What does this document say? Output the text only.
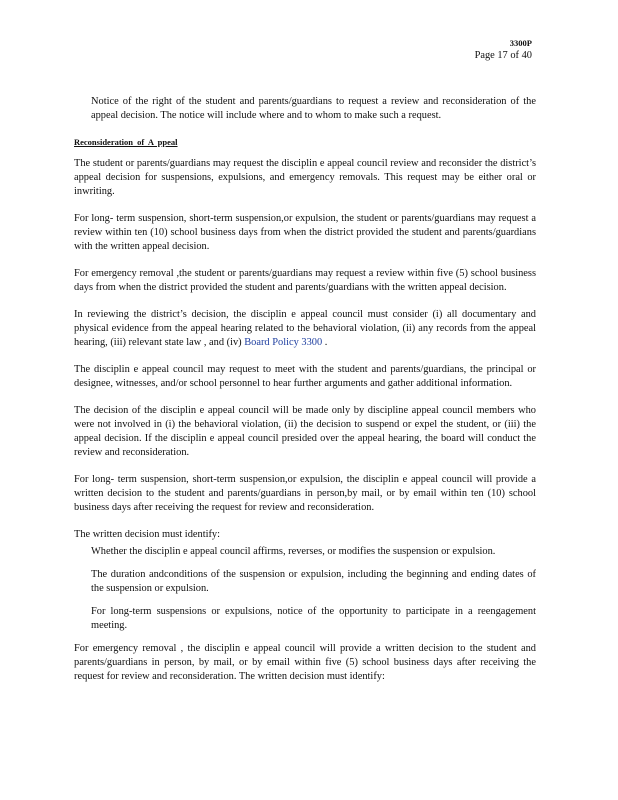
3300P
Page 17 of 40
Notice of the right of the student and parents/guardians to request a review and reconsideration of the appeal decision. The notice will include where and to whom to make such a request.
Reconsideration of A ppeal

The student or parents/guardians may request the disciplin e appeal council review and reconsider the district’s appeal decision for suspensions, expulsions, and emergency removals. This request may be either oral or inwriting.

For long- term suspension, short-term suspension,or expulsion, the student or parents/guardians may request a review within ten (10) school business days from when the district provided the student and parents/guardians with the written appeal decision.

For emergency removal ,the student or parents/guardians may request a review within five (5) school business days from when the district provided the student and parents/guardians with the written appeal decision.

In reviewing the district’s decision, the disciplin e appeal council must consider (i) all documentary and physical evidence from the appeal hearing related to the behavioral violation, (ii) any records from the appeal hearing, (iii) relevant state law , and (iv) Board Policy 3300 .

The disciplin e appeal council may request to meet with the student and parents/guardians, the principal or designee, witnesses, and/or school personnel to hear further arguments and gather additional information.

The decision of the disciplin e appeal council will be made only by discipline appeal council members who were not involved in (i) the behavioral violation, (ii) the decision to suspend or expel the student, or (iii) the appeal decision. If the disciplin e appeal council presided over the appeal hearing, the board will conduct the review and reconsideration.

For long- term suspension, short-term suspension,or expulsion, the disciplin e appeal council will provide a written decision to the student and parents/guardians in person,by mail, or by email within ten (10) school business days after receiving the request for review and reconsideration.

The written decision must identify:

Whether the disciplin e appeal council affirms, reverses, or modifies the suspension or expulsion.
The duration andconditions of the suspension or expulsion, including the beginning and ending dates of the suspension or expulsion.
For long-term suspensions or expulsions, notice of the opportunity to participate in a reengagement meeting.

For emergency removal , the disciplin e appeal council will provide a written decision to the student and parents/guardians in person, by mail, or by email within five (5) school business days after receiving the request for review and reconsideration. The written decision must identify:
